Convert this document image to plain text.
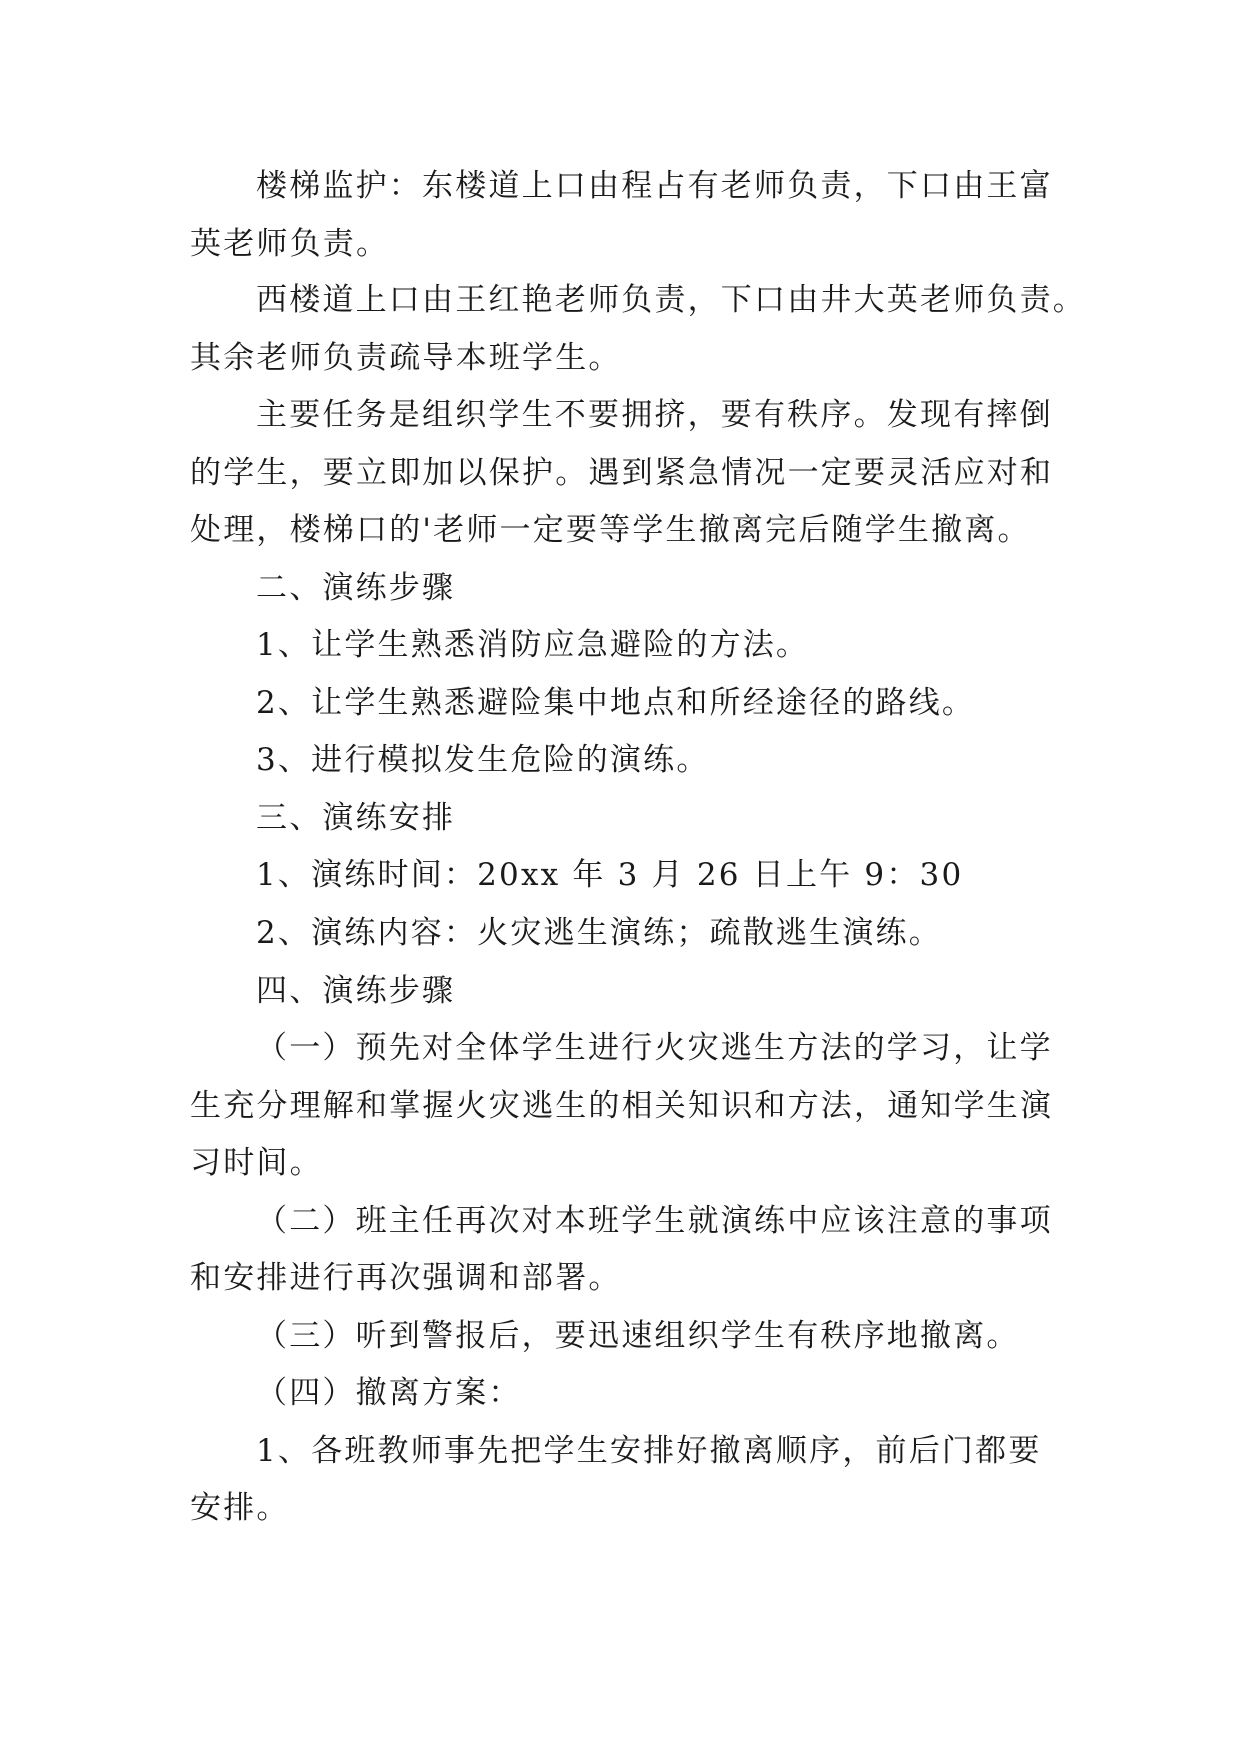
楼梯监护：东楼道上口由程占有老师负责，下口由王富
英老师负责。
西楼道上口由王红艳老师负责，下口由井大英老师负责。
其余老师负责疏导本班学生。
主要任务是组织学生不要拥挤，要有秩序。发现有摔倒
的学生，要立即加以保护。遇到紧急情况一定要灵活应对和
处理，楼梯口的'老师一定要等学生撤离完后随学生撤离。
二、演练步骤
1、让学生熟悉消防应急避险的方法。
2、让学生熟悉避险集中地点和所经途径的路线。
3、进行模拟发生危险的演练。
三、演练安排
1、演练时间：20xx 年 3 月 26 日上午 9：30
2、演练内容：火灾逃生演练；疏散逃生演练。
四、演练步骤
（一）预先对全体学生进行火灾逃生方法的学习，让学
生充分理解和掌握火灾逃生的相关知识和方法，通知学生演
习时间。
（二）班主任再次对本班学生就演练中应该注意的事项
和安排进行再次强调和部署。
（三）听到警报后，要迅速组织学生有秩序地撤离。
（四）撤离方案：
1、各班教师事先把学生安排好撤离顺序，前后门都要
安排。
